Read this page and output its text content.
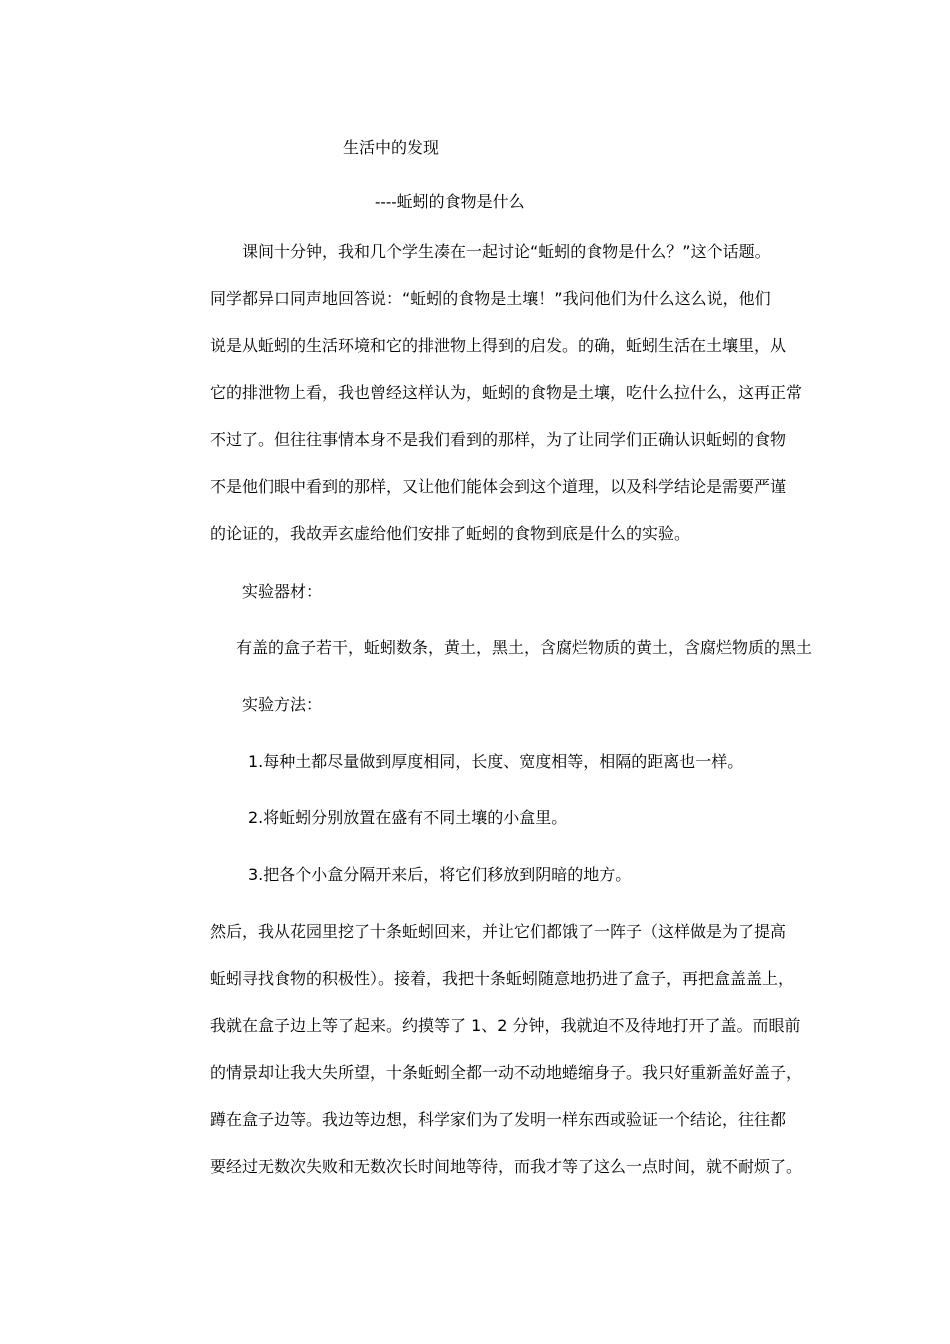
生活中的发现
----蚯蚓的食物是什么
课间十分钟，我和几个学生凑在一起讨论“蚯蚓的食物是什么？”这个话题。
同学都异口同声地回答说：“蚯蚓的食物是土壤！”我问他们为什么这么说，他们
说是从蚯蚓的生活环境和它的排泄物上得到的启发。的确，蚯蚓生活在土壤里，从
它的排泄物上看，我也曾经这样认为，蚯蚓的食物是土壤，吃什么拉什么，这再正常
不过了。但往往事情本身不是我们看到的那样，为了让同学们正确认识蚯蚓的食物
不是他们眼中看到的那样，又让他们能体会到这个道理，以及科学结论是需要严谨
的论证的，我故弄玄虚给他们安排了蚯蚓的食物到底是什么的实验。
实验器材：
有盖的盒子若干，蚯蚓数条，黄土，黑土，含腐烂物质的黄土，含腐烂物质的黑土
实验方法：
1.每种土都尽量做到厚度相同，长度、宽度相等，相隔的距离也一样。
2.将蚯蚓分别放置在盛有不同土壤的小盒里。
3.把各个小盒分隔开来后，将它们移放到阴暗的地方。
然后，我从花园里挖了十条蚯蚓回来，并让它们都饿了一阵子（这样做是为了提高
蚯蚓寻找食物的积极性）。接着，我把十条蚯蚓随意地扔进了盒子，再把盒盖盖上，
我就在盒子边上等了起来。约摸等了 1、2 分钟，我就迫不及待地打开了盖。而眼前
的情景却让我大失所望，十条蚯蚓全都一动不动地蜷缩身子。我只好重新盖好盖子，
蹲在盒子边等。我边等边想，科学家们为了发明一样东西或验证一个结论，往往都
要经过无数次失败和无数次长时间地等待，而我才等了这么一点时间，就不耐烦了。
